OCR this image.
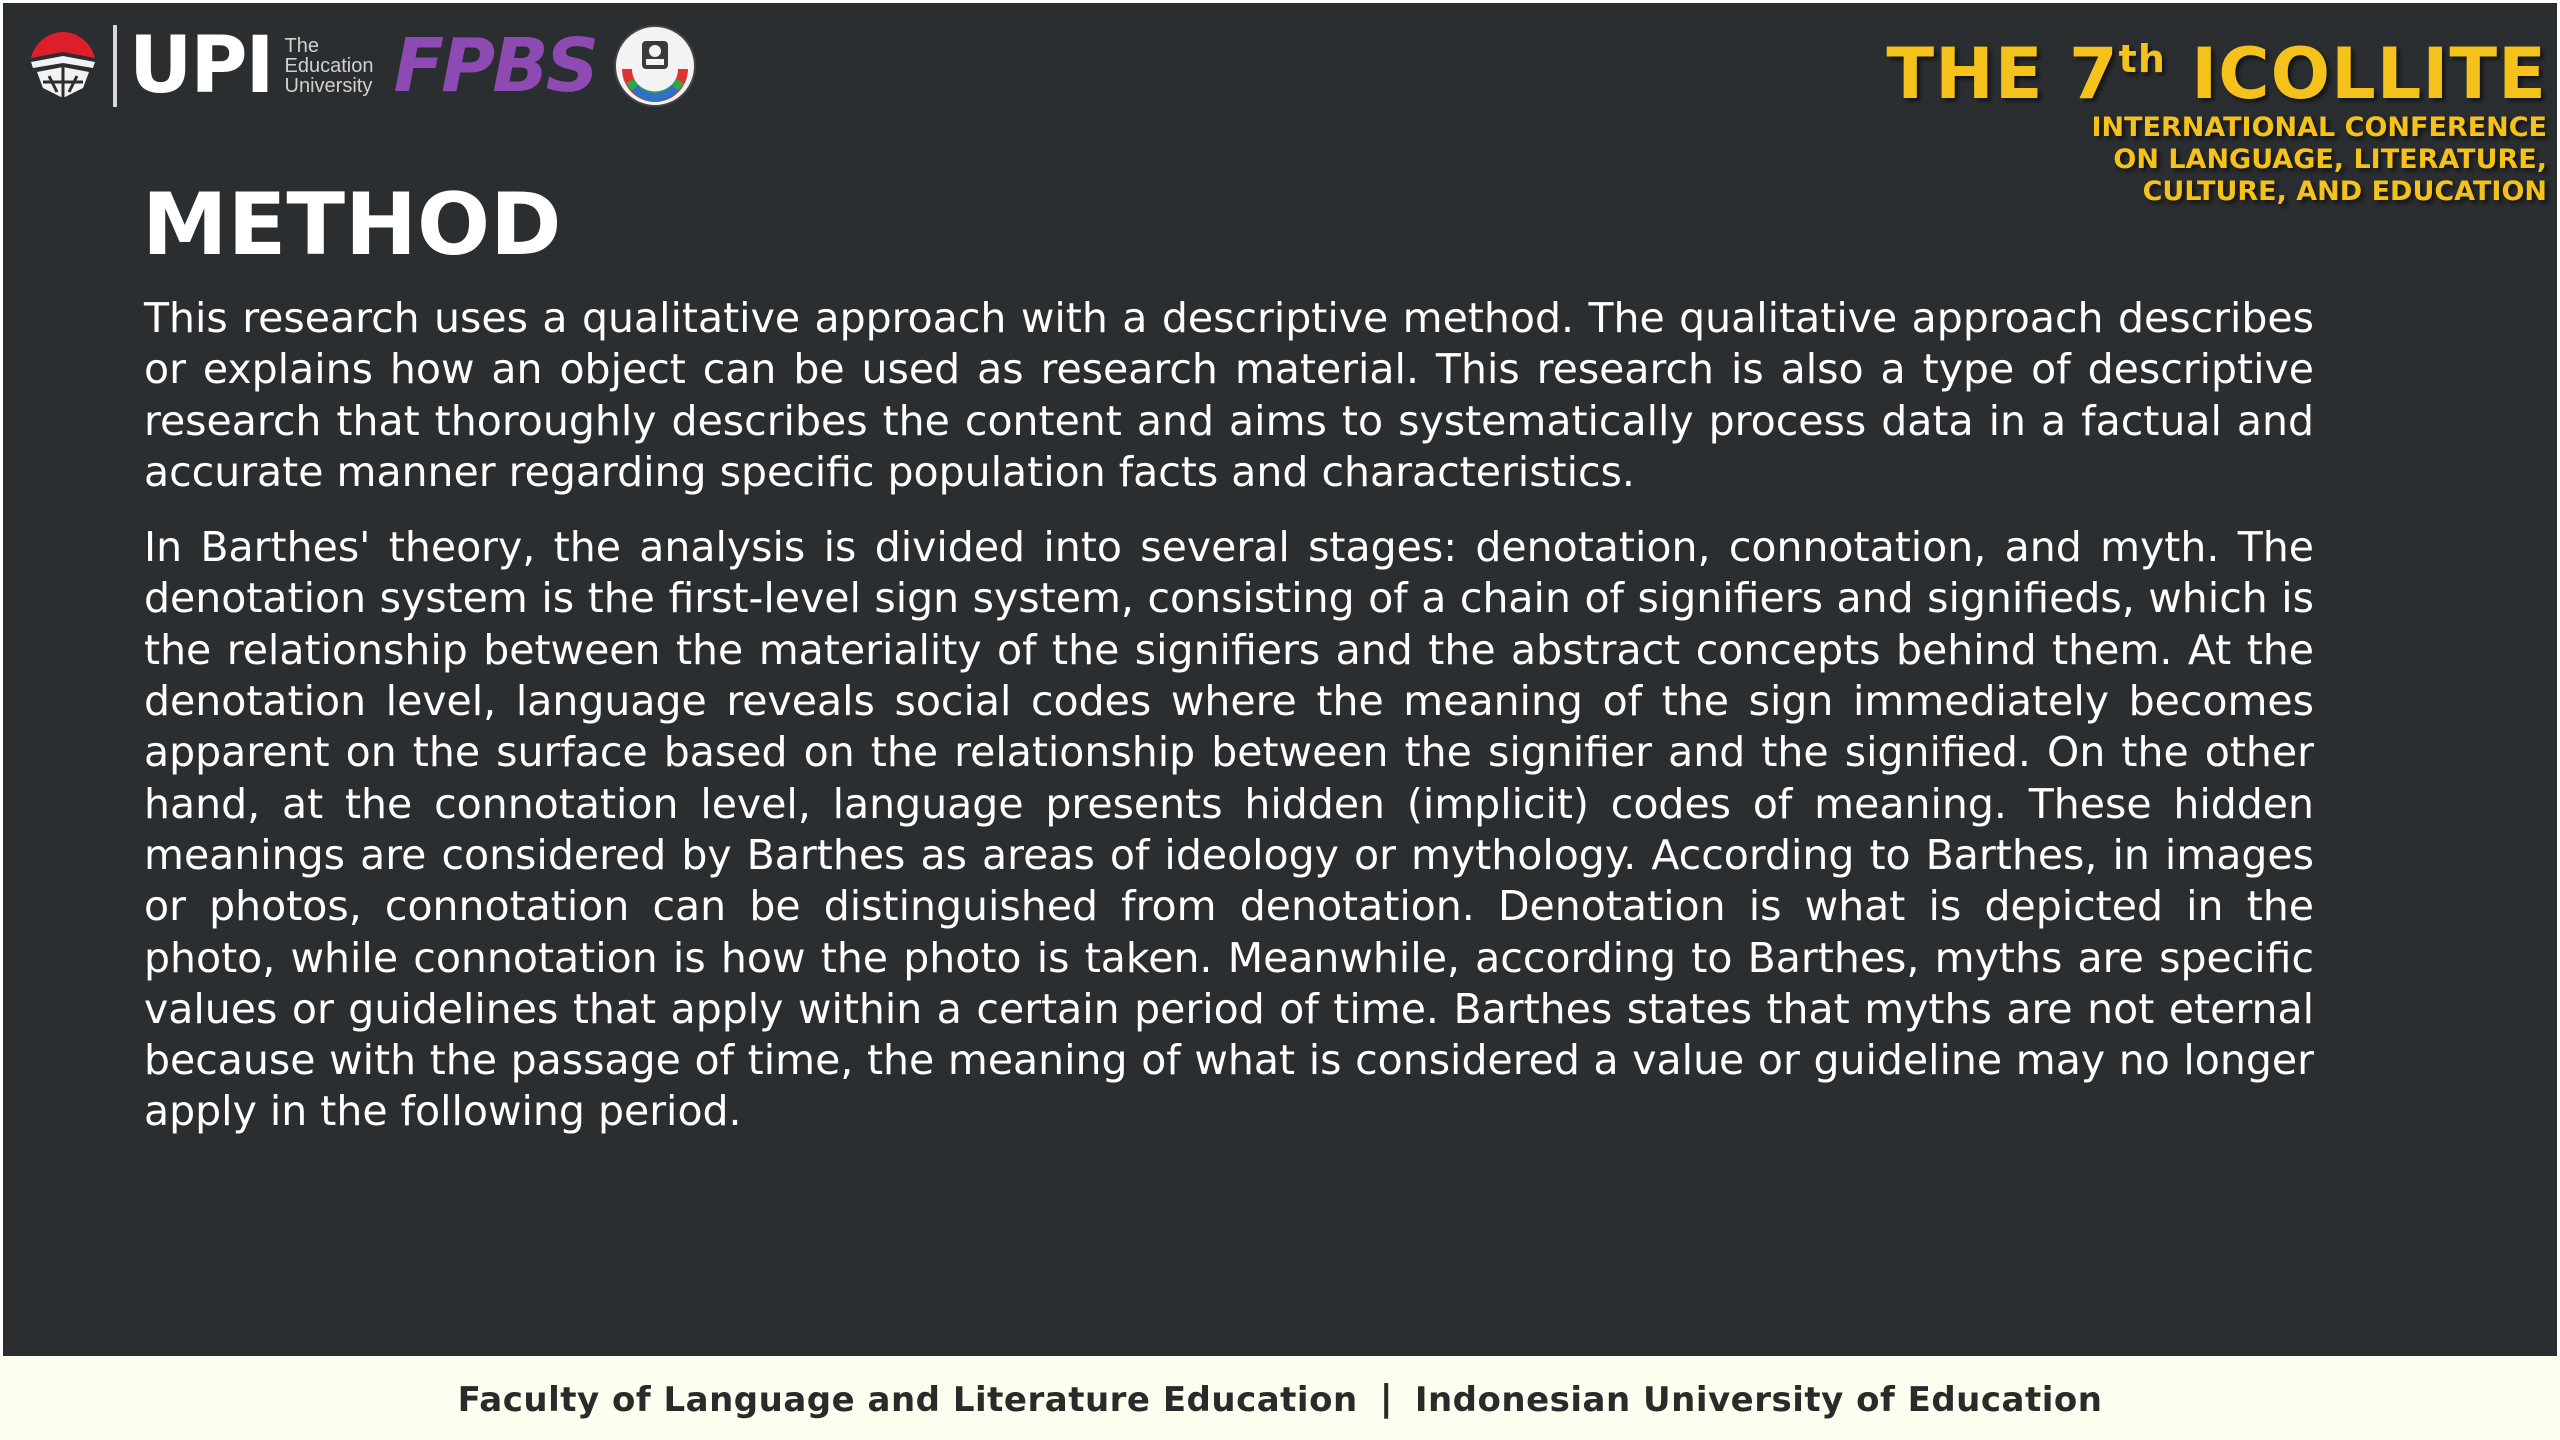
UPI The
Education
University FPBS	THE 7th ICOLLITE
INTERNATIONAL CONFERENCE
ON LANGUAGE, LITERATURE,
CULTURE, AND EDUCATION
METHOD

This research uses a qualitative approach with a descriptive method. The qualitative approach describes or explains how an object can be used as research material. This research is also a type of descriptive research that thoroughly describes the content and aims to systematically process data in a factual and accurate manner regarding specific population facts and characteristics.

In Barthes' theory, the analysis is divided into several stages: denotation, connotation, and myth. The denotation system is the first-level sign system, consisting of a chain of signifiers and signifieds, which is the relationship between the materiality of the signifiers and the abstract concepts behind them. At the denotation level, language reveals social codes where the meaning of the sign immediately becomes apparent on the surface based on the relationship between the signifier and the signified. On the other hand, at the connotation level, language presents hidden (implicit) codes of meaning. These hidden meanings are considered by Barthes as areas of ideology or mythology. According to Barthes, in images or photos, connotation can be distinguished from denotation. Denotation is what is depicted in the photo, while connotation is how the photo is taken. Meanwhile, according to Barthes, myths are specific values or guidelines that apply within a certain period of time. Barthes states that myths are not eternal because with the passage of time, the meaning of what is considered a value or guideline may no longer apply in the following period.

Faculty of Language and Literature Education | Indonesian University of Education
